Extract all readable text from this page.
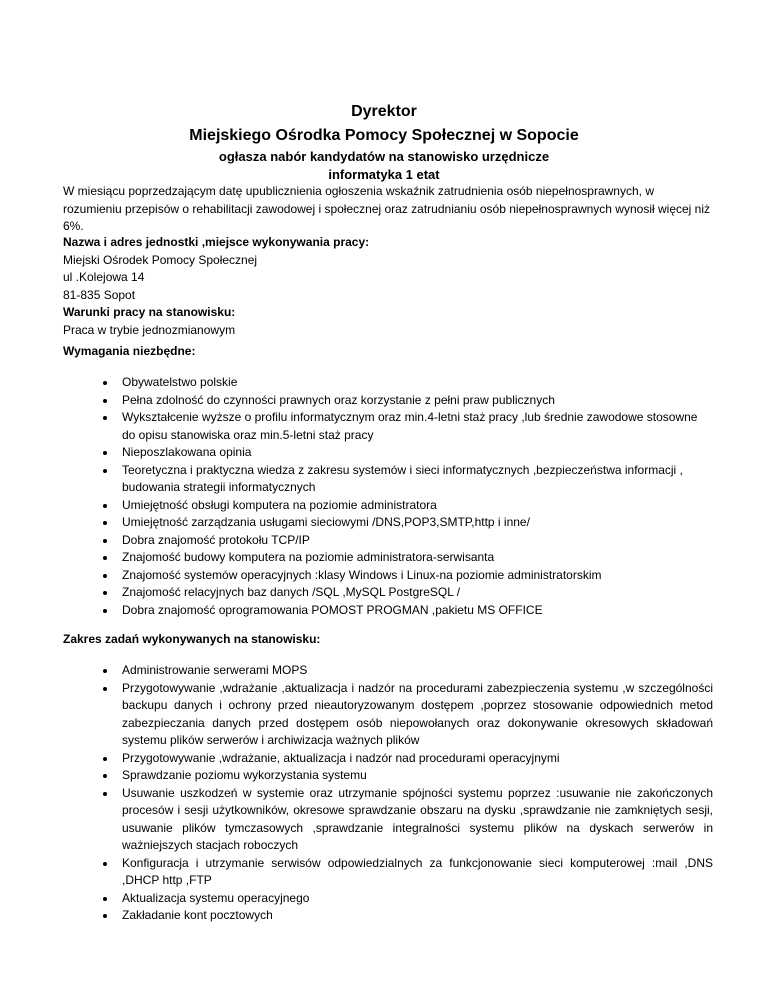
Dyrektor
Miejskiego Ośrodka Pomocy Społecznej w Sopocie
ogłasza nabór kandydatów na stanowisko urzędnicze
informatyka 1 etat
W miesiącu poprzedzającym datę upublicznienia ogłoszenia wskaźnik zatrudnienia osób niepełnosprawnych, w rozumieniu przepisów o rehabilitacji zawodowej i społecznej oraz zatrudnianiu osób niepełnosprawnych wynosił więcej niż 6%.
Nazwa i adres jednostki ,miejsce wykonywania pracy:
Miejski Ośrodek Pomocy Społecznej
ul .Kolejowa 14
81-835 Sopot
Warunki pracy na stanowisku:
Praca w trybie jednozmianowym
Wymagania niezbędne:
Obywatelstwo polskie
Pełna zdolność do czynności prawnych oraz korzystanie z pełni praw publicznych
Wykształcenie wyższe o profilu informatycznym oraz min.4-letni staż pracy ,lub średnie zawodowe stosowne do opisu stanowiska oraz min.5-letni staż pracy
Nieposzlakowana opinia
Teoretyczna i praktyczna wiedza z zakresu systemów i sieci informatycznych ,bezpieczeństwa informacji , budowania strategii informatycznych
Umiejętność obsługi komputera na poziomie administratora
Umiejętność zarządzania usługami sieciowymi /DNS,POP3,SMTP,http i inne/
Dobra znajomość protokołu TCP/IP
Znajomość budowy komputera na poziomie administratora-serwisanta
Znajomość systemów operacyjnych :klasy Windows i Linux-na poziomie administratorskim
Znajomość relacyjnych baz danych /SQL ,MySQL PostgreSQL /
Dobra znajomość oprogramowania POMOST PROGMAN ,pakietu MS OFFICE
Zakres zadań wykonywanych na stanowisku:
Administrowanie serwerami MOPS
Przygotowywanie ,wdrażanie ,aktualizacja i nadzór na procedurami zabezpieczenia systemu ,w szczególności backupu danych i ochrony przed nieautoryzowanym dostępem ,poprzez stosowanie odpowiednich metod zabezpieczania danych przed dostępem osób niepowołanych oraz dokonywanie okresowych składowań systemu plików serwerów i archiwizacja ważnych plików
Przygotowywanie ,wdrażanie, aktualizacja i nadzór nad procedurami operacyjnymi
Sprawdzanie poziomu wykorzystania systemu
Usuwanie uszkodzeń w systemie oraz utrzymanie spójności systemu poprzez :usuwanie nie zakończonych procesów i sesji użytkowników, okresowe sprawdzanie obszaru na dysku ,sprawdzanie nie zamkniętych sesji, usuwanie plików tymczasowych ,sprawdzanie integralności systemu plików na dyskach serwerów in ważniejszych stacjach roboczych
Konfiguracja i utrzymanie serwisów odpowiedzialnych za funkcjonowanie sieci komputerowej :mail ,DNS ,DHCP http ,FTP
Aktualizacja systemu operacyjnego
Zakładanie kont pocztowych
